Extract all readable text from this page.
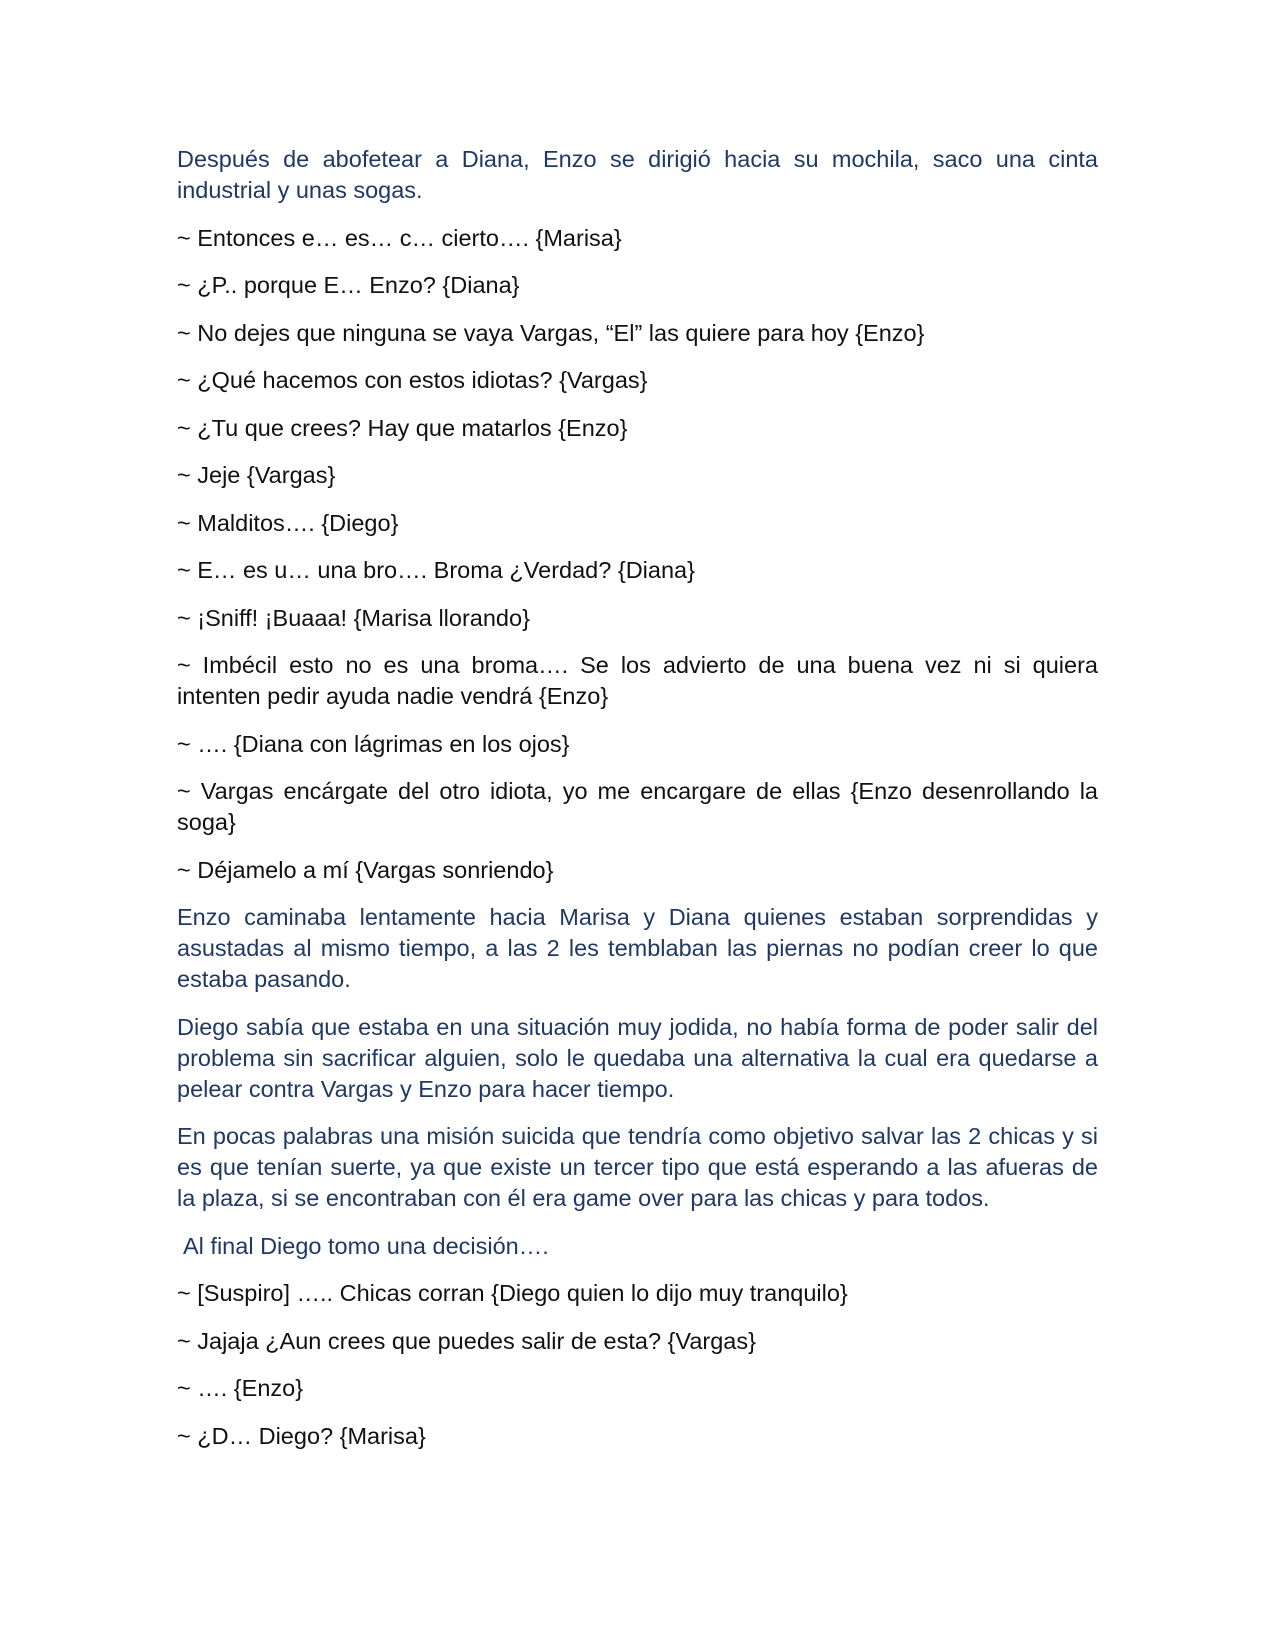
Después de abofetear a Diana, Enzo se dirigió hacia su mochila, saco una cinta industrial y unas sogas.

~ Entonces e… es… c… cierto…. {Marisa}

~ ¿P.. porque E… Enzo? {Diana}

~ No dejes que ninguna se vaya Vargas, “El” las quiere para hoy {Enzo}

~ ¿Qué hacemos con estos idiotas? {Vargas}

~ ¿Tu que crees? Hay que matarlos {Enzo}

~ Jeje {Vargas}

~ Malditos…. {Diego}

~ E… es u… una bro…. Broma ¿Verdad? {Diana}

~ ¡Sniff! ¡Buaaa! {Marisa llorando}

~ Imbécil esto no es una broma…. Se los advierto de una buena vez ni si quiera intenten pedir ayuda nadie vendrá {Enzo}

~ …. {Diana con lágrimas en los ojos}

~ Vargas encárgate del otro idiota, yo me encargare de ellas {Enzo desenrollando la soga}

~ Déjamelo a mí {Vargas sonriendo}

Enzo caminaba lentamente hacia Marisa y Diana quienes estaban sorprendidas y asustadas al mismo tiempo, a las 2 les temblaban las piernas no podían creer lo que estaba pasando.

Diego sabía que estaba en una situación muy jodida, no había forma de poder salir del problema sin sacrificar alguien, solo le quedaba una alternativa la cual era quedarse a pelear contra Vargas y Enzo para hacer tiempo.

En pocas palabras una misión suicida que tendría como objetivo salvar las 2 chicas y si es que tenían suerte, ya que existe un tercer tipo que está esperando a las afueras de la plaza, si se encontraban con él era game over para las chicas y para todos.

Al final Diego tomo una decisión….

~ [Suspiro] ….. Chicas corran {Diego quien lo dijo muy tranquilo}

~ Jajaja ¿Aun crees que puedes salir de esta? {Vargas}

~ …. {Enzo}

~ ¿D… Diego? {Marisa}
